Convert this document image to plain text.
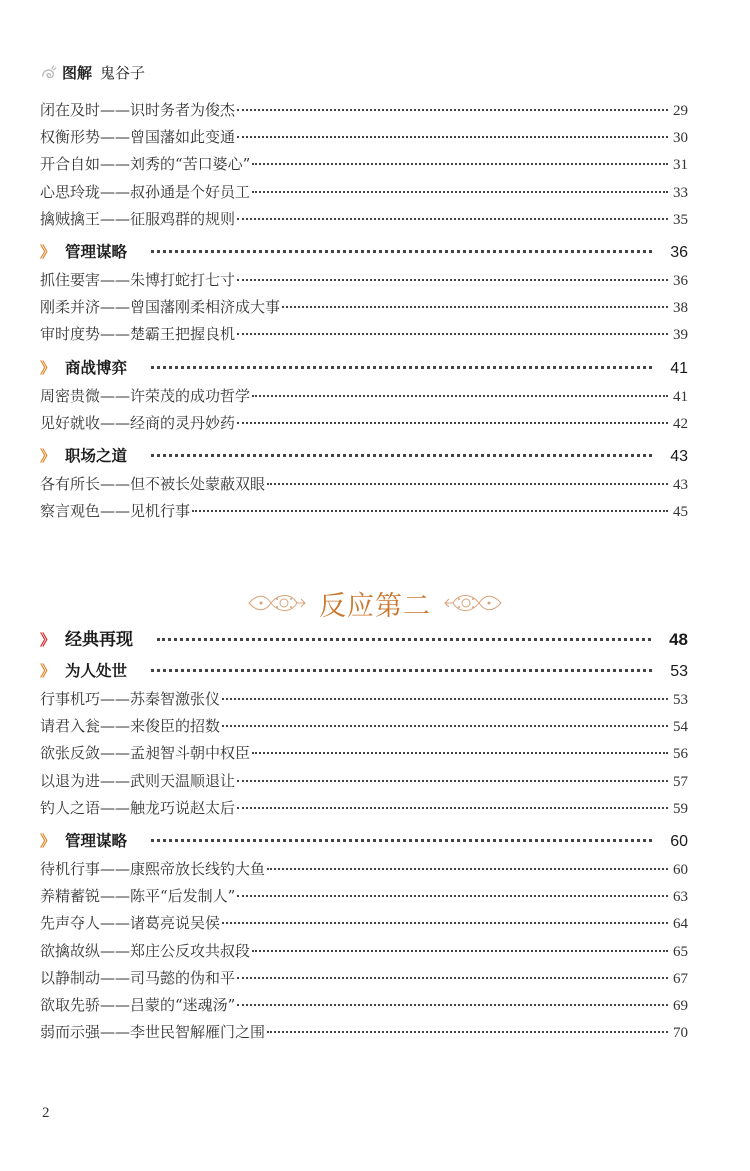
图解 鬼谷子
闭在及时——识时务者为俊杰	29
权衡形势——曾国藩如此变通	30
开合自如——刘秀的“苦口婆心”	31
心思玲珑——叔孙通是个好员工	33
擒贼擒王——征服鸡群的规则	35
》 管理谋略	36
抓住要害——朱博打蛇打七寸	36
刚柔并济——曾国藩刚柔相济成大事	38
审时度势——楚霸王把握良机	39
》 商战博弈	41
周密贵微——许荣茂的成功哲学	41
见好就收——经商的灵丹妙药	42
》 职场之道	43
各有所长——但不被长处蒙蔽双眼	43
察言观色——见机行事	45
反应第二
》 经典再现	48
》 为人处世	53
行事机巧——苏秦智激张仪	53
请君入瓮——来俊臣的招数	54
欲张反敛——孟昶智斗朝中权臣	56
以退为进——武则天温顺退让	57
钓人之语——触龙巧说赵太后	59
》 管理谋略	60
待机行事——康熙帝放长线钓大鱼	60
养精蓄锐——陈平“后发制人”	63
先声夺人——诸葛亮说吴侯	64
欲擒故纵——郑庄公反攻共叔段	65
以静制动——司马懿的伪和平	67
欲取先骄——吕蒙的“迷魂汤”	69
弱而示强——李世民智解雁门之围	70
2
